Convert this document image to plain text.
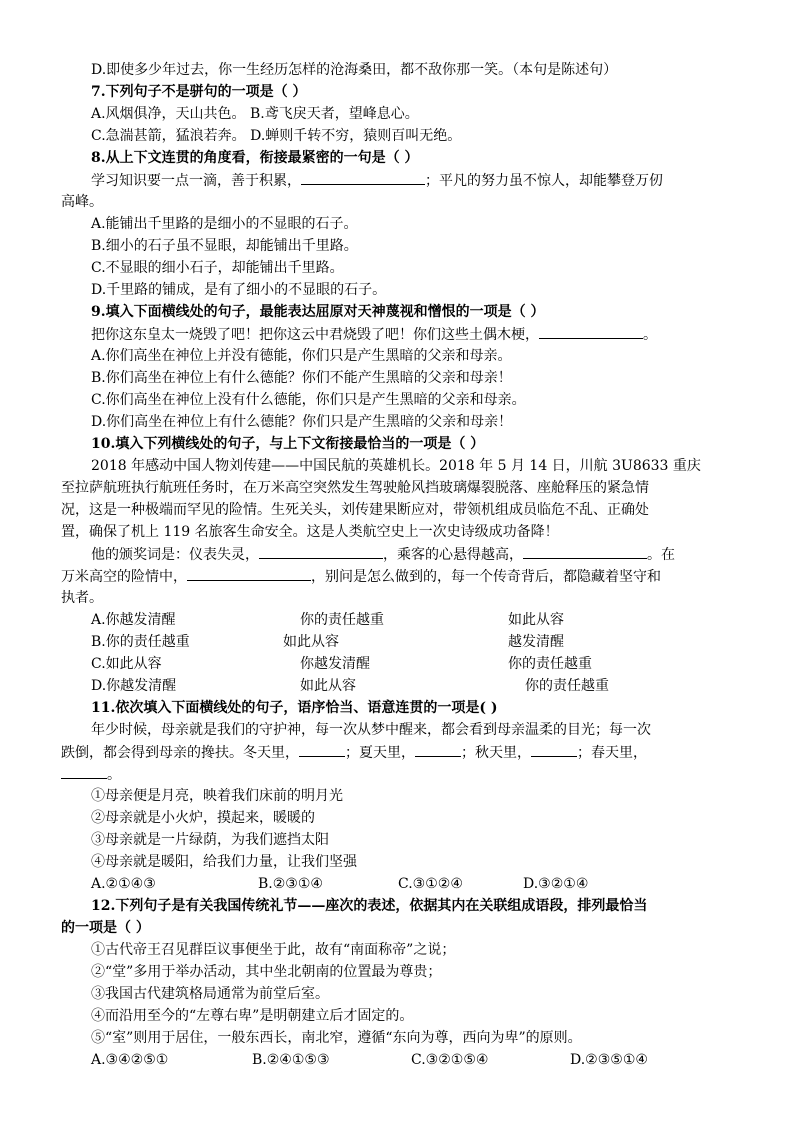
D.即使多少年过去，你一生经历怎样的沧海桑田，都不敌你那一笑。（本句是陈述句）
7.下列句子不是骈句的一项是（ ）
A.风烟俱净，天山共色。 B.鸢飞戾天者，望峰息心。
C.急湍甚箭，猛浪若奔。 D.蝉则千转不穷，猿则百叫无绝。
8.从上下文连贯的角度看，衔接最紧密的一句是（ ）
学习知识要一点一滴，善于积累，	；平凡的努力虽不惊人，却能攀登万仞
高峰。
A.能铺出千里路的是细小的不显眼的石子。
B.细小的石子虽不显眼，却能铺出千里路。
C.不显眼的细小石子，却能铺出千里路。
D.千里路的铺成，是有了细小的不显眼的石子。
9.填入下面横线处的句子，最能表达屈原对天神蔑视和憎恨的一项是（ ）
把你这东皇太一烧毁了吧！把你这云中君烧毁了吧！你们这些土偶木梗，	。
A.你们高坐在神位上并没有德能，你们只是产生黑暗的父亲和母亲。
B.你们高坐在神位上有什么德能？你们不能产生黑暗的父亲和母亲！
C.你们高坐在神位上没有什么德能，你们只是产生黑暗的父亲和母亲。
D.你们高坐在神位上有什么德能？你们只是产生黑暗的父亲和母亲！
10.填入下列横线处的句子，与上下文衔接最恰当的一项是（ ）
2018 年感动中国人物刘传建——中国民航的英雄机长。2018 年 5 月 14 日，川航 3U8633 重庆
至拉萨航班执行航班任务时，在万米高空突然发生驾驶舱风挡玻璃爆裂脱落、座舱释压的紧急情
况，这是一种极端而罕见的险情。生死关头，刘传建果断应对，带领机组成员临危不乱、正确处
置，确保了机上 119 名旅客生命安全。这是人类航空史上一次史诗级成功备降！
他的颁奖词是：仪表失灵，	，乘客的心悬得越高，	。在
万米高空的险情中，	，别问是怎么做到的，每一个传奇背后，都隐藏着坚守和
执者。
A.你越发清醒	你的责任越重	如此从容
B.你的责任越重	如此从容	越发清醒
C.如此从容	你越发清醒	你的责任越重
D.你越发清醒	如此从容	你的责任越重
11.依次填入下面横线处的句子，语序恰当、语意连贯的一项是( )
年少时候，母亲就是我们的守护神，每一次从梦中醒来，都会看到母亲温柔的目光；每一次
跌倒，都会得到母亲的搀扶。冬天里，	；夏天里，	；秋天里，	；春天里，
。
①母亲便是月亮，映着我们床前的明月光
②母亲就是小火炉，摸起来，暖暖的
③母亲就是一片绿荫，为我们遮挡太阳
④母亲就是暖阳，给我们力量，让我们坚强
A.②①④③	B.②③①④	C.③①②④	D.③②①④
12.下列句子是有关我国传统礼节——座次的表述，依据其内在关联组成语段，排列最恰当
的一项是（ ）
①古代帝王召见群臣议事便坐于此，故有“南面称帝”之说；
②“堂”多用于举办活动，其中坐北朝南的位置最为尊贵；
③我国古代建筑格局通常为前堂后室。
④而沿用至今的“左尊右卑”是明朝建立后才固定的。
⑤“室”则用于居住，一般东西长，南北窄，遵循“东向为尊，西向为卑”的原则。
A.③④②⑤①	B.②④①⑤③	C.③②①⑤④	D.②③⑤①④
